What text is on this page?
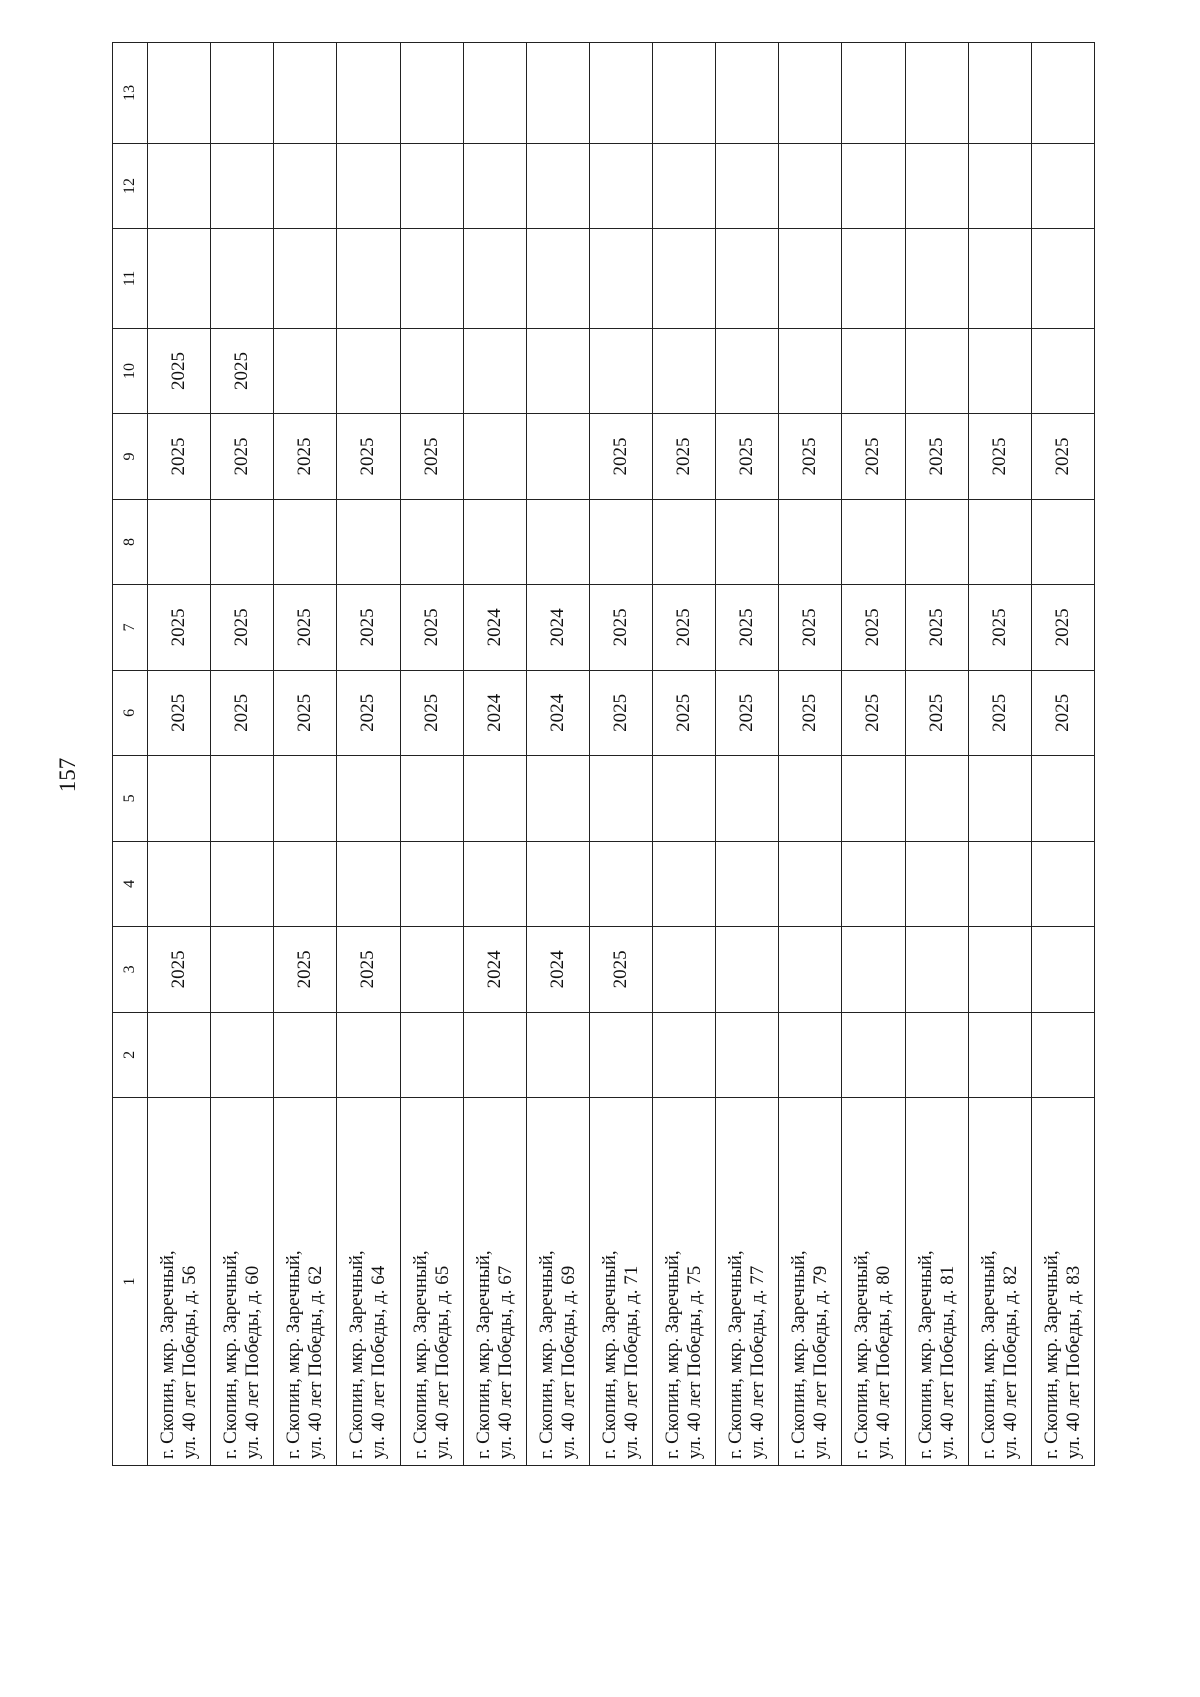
157
1	2	3	4	5	6	7	8	9	10	11	12	13

г. Скопин, мкр. Заречный, ул. 40 лет Победы, д. 56		2025			2025	2025		2025	2025			

г. Скопин, мкр. Заречный, ул. 40 лет Победы, д. 60					2025	2025		2025	2025			

г. Скопин, мкр. Заречный, ул. 40 лет Победы, д. 62		2025			2025	2025		2025				

г. Скопин, мкр. Заречный, ул. 40 лет Победы, д. 64		2025			2025	2025		2025				

г. Скопин, мкр. Заречный, ул. 40 лет Победы, д. 65					2025	2025		2025				

г. Скопин, мкр. Заречный, ул. 40 лет Победы, д. 67		2024			2024	2024						

г. Скопин, мкр. Заречный, ул. 40 лет Победы, д. 69		2024			2024	2024						

г. Скопин, мкр. Заречный, ул. 40 лет Победы, д. 71		2025			2025	2025		2025				

г. Скопин, мкр. Заречный, ул. 40 лет Победы, д. 75					2025	2025		2025				

г. Скопин, мкр. Заречный, ул. 40 лет Победы, д. 77					2025	2025		2025				

г. Скопин, мкр. Заречный, ул. 40 лет Победы, д. 79					2025	2025		2025				

г. Скопин, мкр. Заречный, ул. 40 лет Победы, д. 80					2025	2025		2025				

г. Скопин, мкр. Заречный, ул. 40 лет Победы, д. 81					2025	2025		2025				

г. Скопин, мкр. Заречный, ул. 40 лет Победы, д. 82					2025	2025		2025				

г. Скопин, мкр. Заречный, ул. 40 лет Победы, д. 83					2025	2025		2025				
